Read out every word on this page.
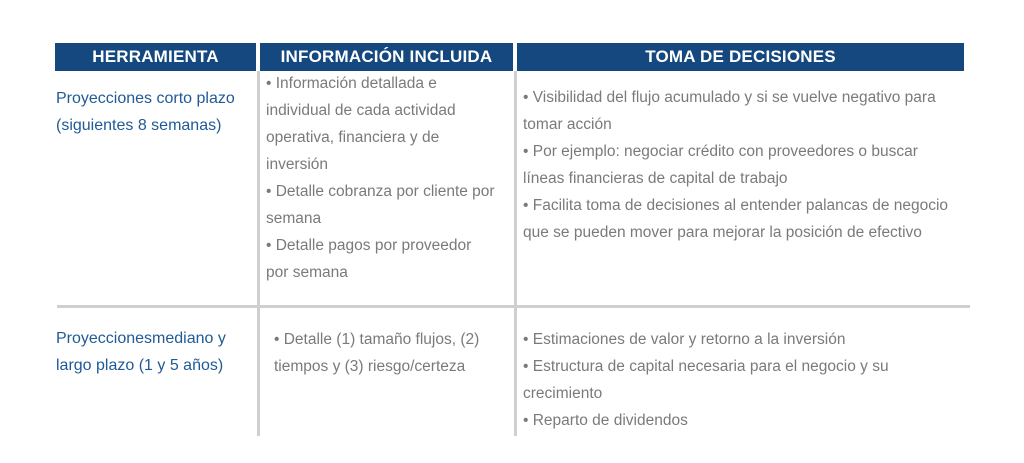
HERRAMIENTA	INFORMACIÓN INCLUIDA	TOMA DE DECISIONES
Proyecciones corto plazo
(siguientes 8 semanas)
• Información detallada e
individual de cada actividad
operativa, financiera y de
inversión
• Detalle cobranza por cliente por
semana
• Detalle pagos por proveedor
por semana
• Visibilidad del flujo acumulado y si se vuelve negativo para
tomar acción
• Por ejemplo: negociar crédito con proveedores o buscar
líneas financieras de capital de trabajo
• Facilita toma de decisiones al entender palancas de negocio
que se pueden mover para mejorar la posición de efectivo
Proyeccionesmediano y
largo plazo (1 y 5 años)
• Detalle (1) tamaño flujos, (2)
tiempos y (3) riesgo/certeza
• Estimaciones de valor y retorno a la inversión
• Estructura de capital necesaria para el negocio y su
crecimiento
• Reparto de dividendos
